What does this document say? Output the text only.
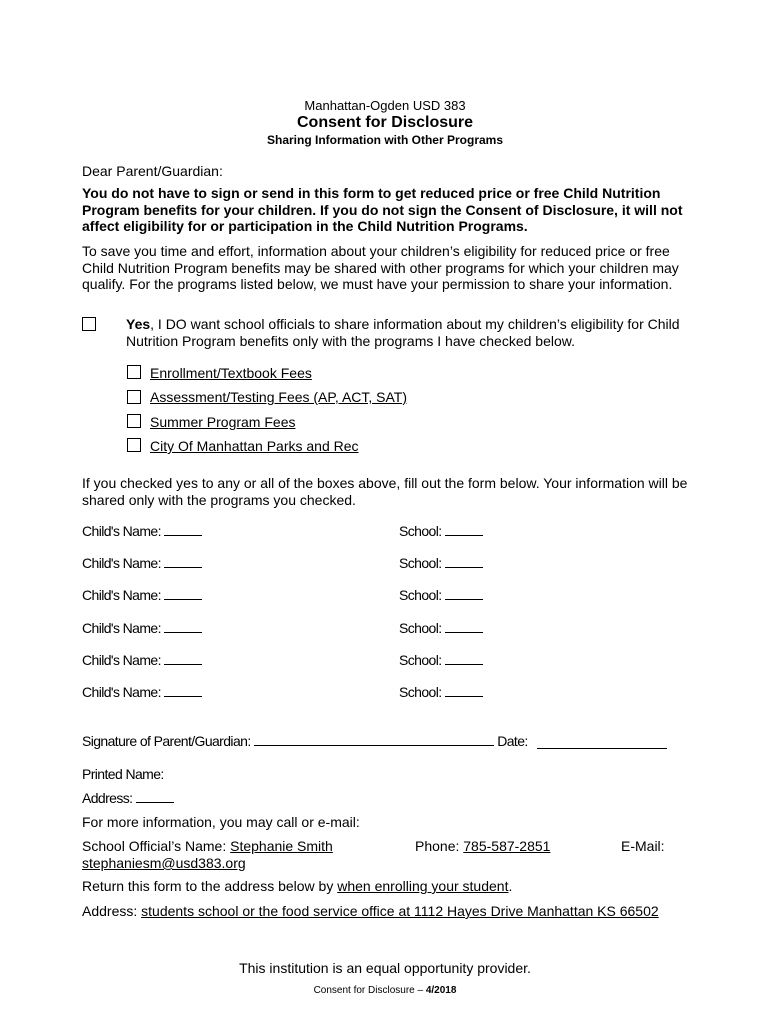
Manhattan-Ogden USD 383
Consent for Disclosure
Sharing Information with Other Programs
Dear Parent/Guardian:
You do not have to sign or send in this form to get reduced price or free Child Nutrition Program benefits for your children. If you do not sign the Consent of Disclosure, it will not affect eligibility for or participation in the Child Nutrition Programs.
To save you time and effort, information about your children’s eligibility for reduced price or free Child Nutrition Program benefits may be shared with other programs for which your children may qualify. For the programs listed below, we must have your permission to share your information.
Yes, I DO want school officials to share information about my children’s eligibility for Child Nutrition Program benefits only with the programs I have checked below.
Enrollment/Textbook Fees
Assessment/Testing Fees (AP, ACT, SAT)
Summer Program Fees
City Of Manhattan Parks and Rec
If you checked yes to any or all of the boxes above, fill out the form below. Your information will be shared only with the programs you checked.
Child's Name:	School:
Child's Name:	School:
Child's Name:	School:
Child's Name:	School:
Child's Name:	School:
Child's Name:	School:
Signature of Parent/Guardian:	Date:
Printed Name:
Address:
For more information, you may call or e-mail:
School Official’s Name: Stephanie Smith	Phone: 785-587-2851	E-Mail:
stephaniesm@usd383.org
Return this form to the address below by when enrolling your student.
Address: students school or the food service office at 1112 Hayes Drive Manhattan KS 66502
This institution is an equal opportunity provider.
Consent for Disclosure – 4/2018
